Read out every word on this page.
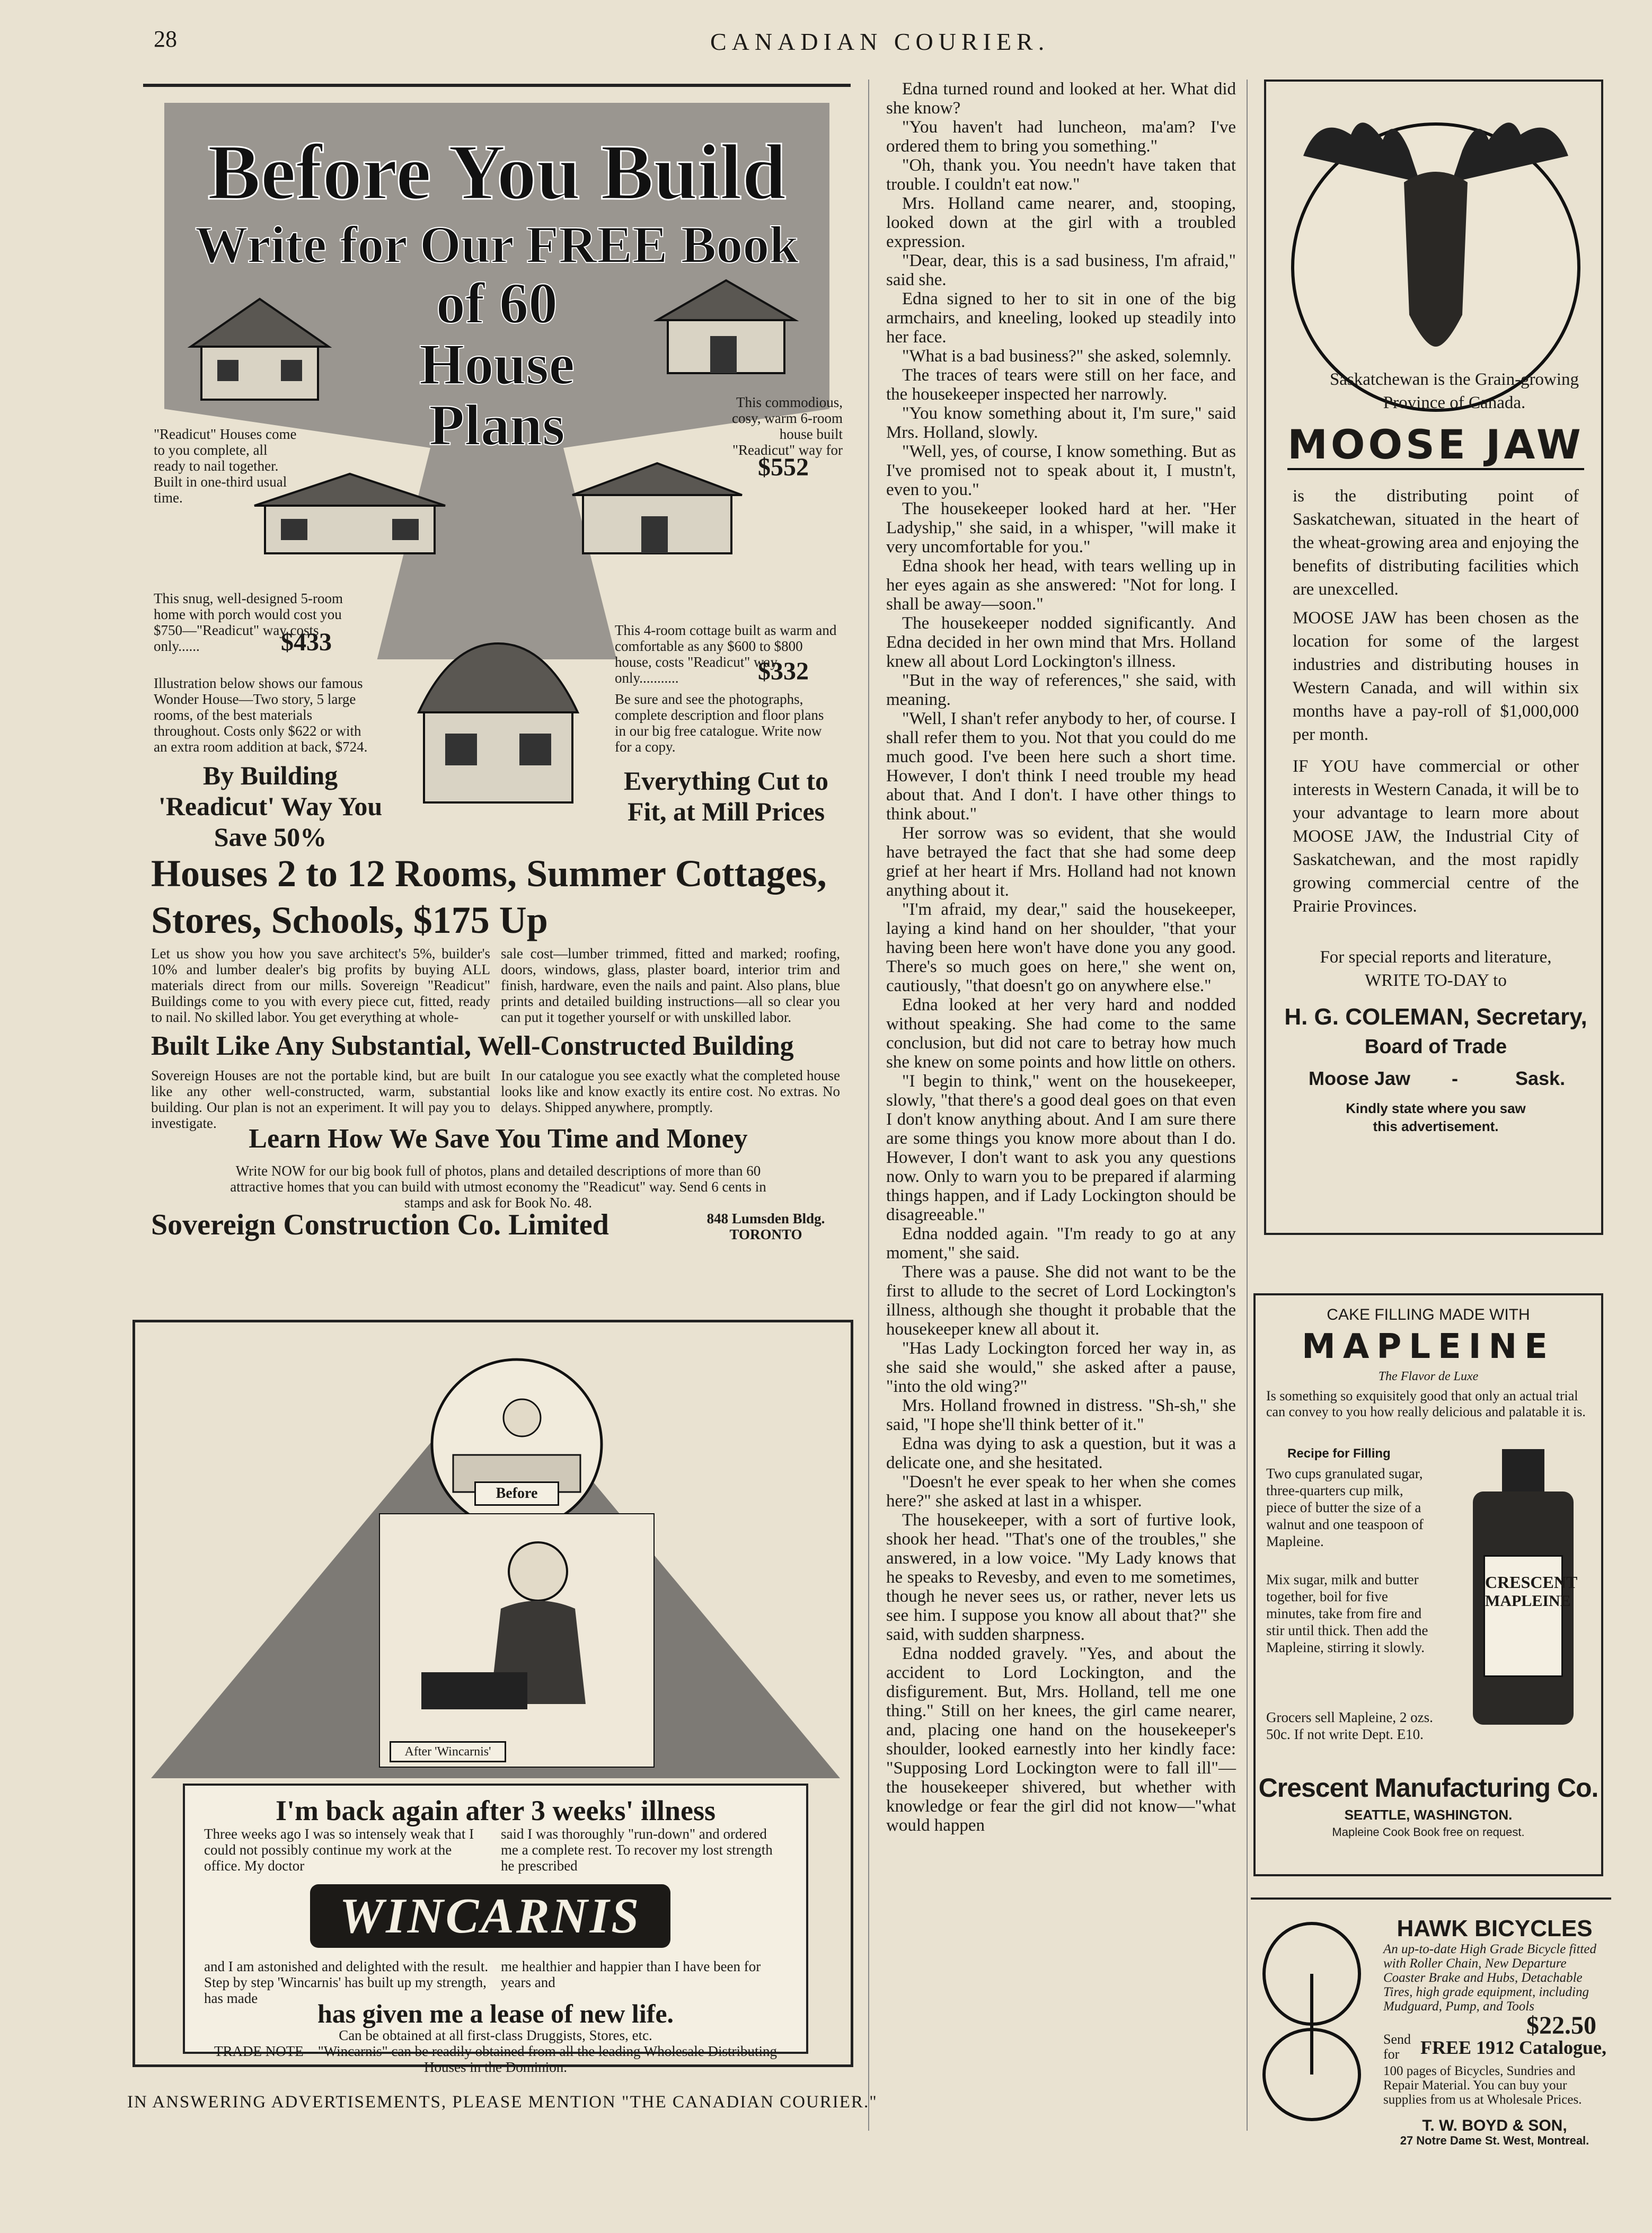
28	CANADIAN COURIER.
Before You Build
Write for Our FREE Book
of 60
House
Plans
"Readicut" Houses come to you complete, all ready to nail together. Built in one-third usual time.
This commodious, cosy, warm 6-room house built "Readicut" way for
$552
This snug, well-designed 5-room home with porch would cost you $750—"Readicut" way costs only......	$433	This 4-room cottage built as warm and comfortable as any $600 to $800 house, costs "Readicut" way only...........	$332
Illustration below shows our famous Wonder House—Two story, 5 large rooms, of the best materials throughout. Costs only $622 or with an extra room addition at back, $724.
Be sure and see the photographs, complete description and floor plans in our big free catalogue. Write now for a copy.
By Building 'Readicut' Way You Save 50%
Everything Cut to Fit, at Mill Prices
Houses 2 to 12 Rooms, Summer Cottages, Stores, Schools, $175 Up
Let us show you how you save architect's 5%, builder's 10% and lumber dealer's big profits by buying ALL materials direct from our mills. Sovereign "Readicut" Buildings come to you with every piece cut, fitted, ready to nail. No skilled labor. You get everything at whole-
sale cost—lumber trimmed, fitted and marked; roofing, doors, windows, glass, plaster board, interior trim and finish, hardware, even the nails and paint. Also plans, blue prints and detailed building instructions—all so clear you can put it together yourself or with unskilled labor.
Built Like Any Substantial, Well-Constructed Building
Sovereign Houses are not the portable kind, but are built like any other well-constructed, warm, substantial building. Our plan is not an experiment. It will pay you to investigate.
In our catalogue you see exactly what the completed house looks like and know exactly its entire cost. No extras. No delays. Shipped anywhere, promptly.
Learn How We Save You Time and Money
Write NOW for our big book full of photos, plans and detailed descriptions of more than 60 attractive homes that you can build with utmost economy the "Readicut" way. Send 6 cents in stamps and ask for Book No. 48.
Sovereign Construction Co. Limited	848 Lumsden Bldg. TORONTO
Before
After 'Wincarnis'
I'm back again after 3 weeks' illness
Three weeks ago I was so intensely weak that I could not possibly continue my work at the office. My doctor
said I was thoroughly "run-down" and ordered me a complete rest. To recover my lost strength he prescribed
WINCARNIS
and I am astonished and delighted with the result. Step by step 'Wincarnis' has built up my strength, has made
me healthier and happier than I have been for years and
has given me a lease of new life.
Can be obtained at all first-class Druggists, Stores, etc.
TRADE NOTE—"Wincarnis" can be readily obtained from all the leading Wholesale Distributing Houses in the Dominion.

Edna turned round and looked at her. What did she know?

"You haven't had luncheon, ma'am? I've ordered them to bring you something."

"Oh, thank you. You needn't have taken that trouble. I couldn't eat now."

Mrs. Holland came nearer, and, stooping, looked down at the girl with a troubled expression.

"Dear, dear, this is a sad business, I'm afraid," said she.

Edna signed to her to sit in one of the big armchairs, and kneeling, looked up steadily into her face.

"What is a bad business?" she asked, solemnly.

The traces of tears were still on her face, and the housekeeper inspected her narrowly.

"You know something about it, I'm sure," said Mrs. Holland, slowly.

"Well, yes, of course, I know something. But as I've promised not to speak about it, I mustn't, even to you."

The housekeeper looked hard at her. "Her Ladyship," she said, in a whisper, "will make it very uncomfortable for you."

Edna shook her head, with tears welling up in her eyes again as she answered: "Not for long. I shall be away—soon."

The housekeeper nodded significantly. And Edna decided in her own mind that Mrs. Holland knew all about Lord Lockington's illness.

"But in the way of references," she said, with meaning.

"Well, I shan't refer anybody to her, of course. I shall refer them to you. Not that you could do me much good. I've been here such a short time. However, I don't think I need trouble my head about that. And I don't. I have other things to think about."

Her sorrow was so evident, that she would have betrayed the fact that she had some deep grief at her heart if Mrs. Holland had not known anything about it.

"I'm afraid, my dear," said the housekeeper, laying a kind hand on her shoulder, "that your having been here won't have done you any good. There's so much goes on here," she went on, cautiously, "that doesn't go on anywhere else."

Edna looked at her very hard and nodded without speaking. She had come to the same conclusion, but did not care to betray how much she knew on some points and how little on others.

"I begin to think," went on the housekeeper, slowly, "that there's a good deal goes on that even I don't know anything about. And I am sure there are some things you know more about than I do. However, I don't want to ask you any questions now. Only to warn you to be prepared if alarming things happen, and if Lady Lockington should be disagreeable."

Edna nodded again. "I'm ready to go at any moment," she said.

There was a pause. She did not want to be the first to allude to the secret of Lord Lockington's illness, although she thought it probable that the housekeeper knew all about it.

"Has Lady Lockington forced her way in, as she said she would," she asked after a pause, "into the old wing?"

Mrs. Holland frowned in distress. "Sh-sh," she said, "I hope she'll think better of it."

Edna was dying to ask a question, but it was a delicate one, and she hesitated.

"Doesn't he ever speak to her when she comes here?" she asked at last in a whisper.

The housekeeper, with a sort of furtive look, shook her head. "That's one of the troubles," she answered, in a low voice. "My Lady knows that he speaks to Revesby, and even to me sometimes, though he never sees us, or rather, never lets us see him. I suppose you know all about that?" she said, with sudden sharpness.

Edna nodded gravely. "Yes, and about the accident to Lord Lockington, and the disfigurement. But, Mrs. Holland, tell me one thing." Still on her knees, the girl came nearer, and, placing one hand on the housekeeper's shoulder, looked earnestly into her kindly face: "Supposing Lord Lockington were to fall ill"—the housekeeper shivered, but whether with knowledge or fear the girl did not know—"what would happen

Saskatchewan is the Grain-growing Province of Canada.
MOOSE JAW
is the distributing point of Saskatchewan, situated in the heart of the wheat-growing area and enjoying the benefits of distributing facilities which are unexcelled.
MOOSE JAW has been chosen as the location for some of the largest industries and distributing houses in Western Canada, and will within six months have a pay-roll of $1,000,000 per month.
IF YOU have commercial or other interests in Western Canada, it will be to your advantage to learn more about MOOSE JAW, the Industrial City of Saskatchewan, and the most rapidly growing commercial centre of the Prairie Provinces.
For special reports and literature, WRITE TO-DAY to
H. G. COLEMAN, Secretary,
Board of Trade
Moose Jaw -	Sask.
Kindly state where you saw this advertisement.
CAKE FILLING MADE WITH
MAPLEINE
The Flavor de Luxe
Is something so exquisitely good that only an actual trial can convey to you how really delicious and palatable it is.
Recipe for Filling
Two cups granulated sugar, three-quarters cup milk, piece of butter the size of a walnut and one teaspoon of Mapleine.
Mix sugar, milk and butter together, boil for five minutes, take from fire and stir until thick. Then add the Mapleine, stirring it slowly.
Grocers sell Mapleine, 2 ozs. 50c. If not write Dept. E10.
CRESCENT
MAPLEINE
Crescent Manufacturing Co.
SEATTLE, WASHINGTON.
Mapleine Cook Book free on request.
HAWK BICYCLES
An up-to-date High Grade Bicycle fitted with Roller Chain, New Departure Coaster Brake and Hubs, Detachable Tires, high grade equipment, including Mudguard, Pump, and Tools
$22.50
Send for	FREE 1912 Catalogue,
100 pages of Bicycles, Sundries and Repair Material. You can buy your supplies from us at Wholesale Prices.
T. W. BOYD & SON,
27 Notre Dame St. West, Montreal.
IN ANSWERING ADVERTISEMENTS, PLEASE MENTION "THE CANADIAN COURIER."
